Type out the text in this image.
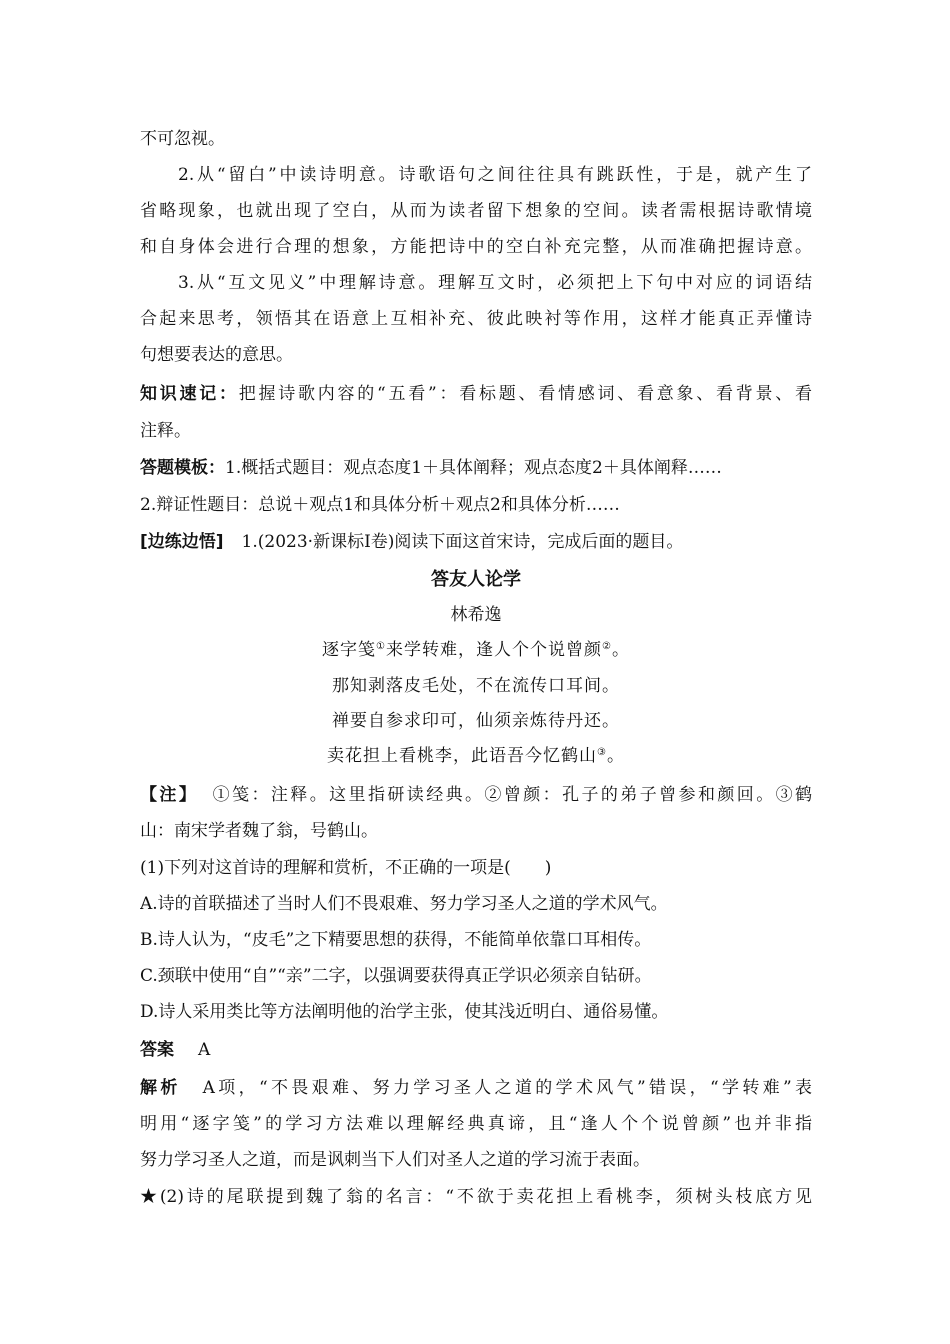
不可忽视。
2.从“留白”中读诗明意。诗歌语句之间往往具有跳跃性，于是，就产生了
省略现象，也就出现了空白，从而为读者留下想象的空间。读者需根据诗歌情境
和自身体会进行合理的想象，方能把诗中的空白补充完整，从而准确把握诗意。
3.从“互文见义”中理解诗意。理解互文时，必须把上下句中对应的词语结
合起来思考，领悟其在语意上互相补充、彼此映衬等作用，这样才能真正弄懂诗
句想要表达的意思。
知识速记：把握诗歌内容的“五看”：看标题、看情感词、看意象、看背景、看
注释。
答题模板：1.概括式题目：观点态度1＋具体阐释；观点态度2＋具体阐释……
2.辩证性题目：总说＋观点1和具体分析＋观点2和具体分析……
[边练边悟] 1.(2023·新课标Ⅰ卷)阅读下面这首宋诗，完成后面的题目。
答友人论学
林希逸
逐字笺①来学转难，逢人个个说曾颜②。
那知剥落皮毛处，不在流传口耳间。
禅要自参求印可，仙须亲炼待丹还。
卖花担上看桃李，此语吾今忆鹤山③。
【注】 ①笺：注释。这里指研读经典。②曾颜：孔子的弟子曾参和颜回。③鹤
山：南宋学者魏了翁，号鹤山。
(1)下列对这首诗的理解和赏析，不正确的一项是(　　)
A.诗的首联描述了当时人们不畏艰难、努力学习圣人之道的学术风气。
B.诗人认为，“皮毛”之下精要思想的获得，不能简单依靠口耳相传。
C.颈联中使用“自”“亲”二字，以强调要获得真正学识必须亲自钻研。
D.诗人采用类比等方法阐明他的治学主张，使其浅近明白、通俗易懂。
答案 A
解析 A项，“不畏艰难、努力学习圣人之道的学术风气”错误，“学转难”表
明用“逐字笺”的学习方法难以理解经典真谛，且“逢人个个说曾颜”也并非指
努力学习圣人之道，而是讽刺当下人们对圣人之道的学习流于表面。
★(2)诗的尾联提到魏了翁的名言：“不欲于卖花担上看桃李，须树头枝底方见
